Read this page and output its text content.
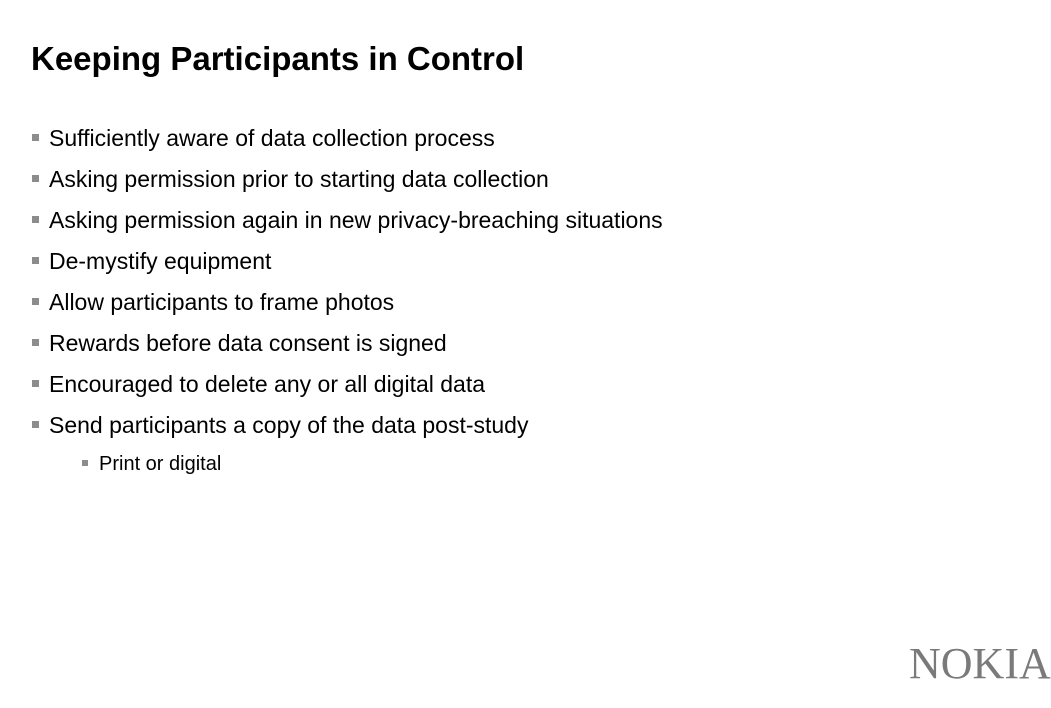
Keeping Participants in Control
Sufficiently aware of data collection process
Asking permission prior to starting data collection
Asking permission again in new privacy-breaching situations
De-mystify equipment
Allow participants to frame photos
Rewards before data consent is signed
Encouraged to delete any or all digital data
Send participants a copy of the data post-study
Print or digital
NOKIA
